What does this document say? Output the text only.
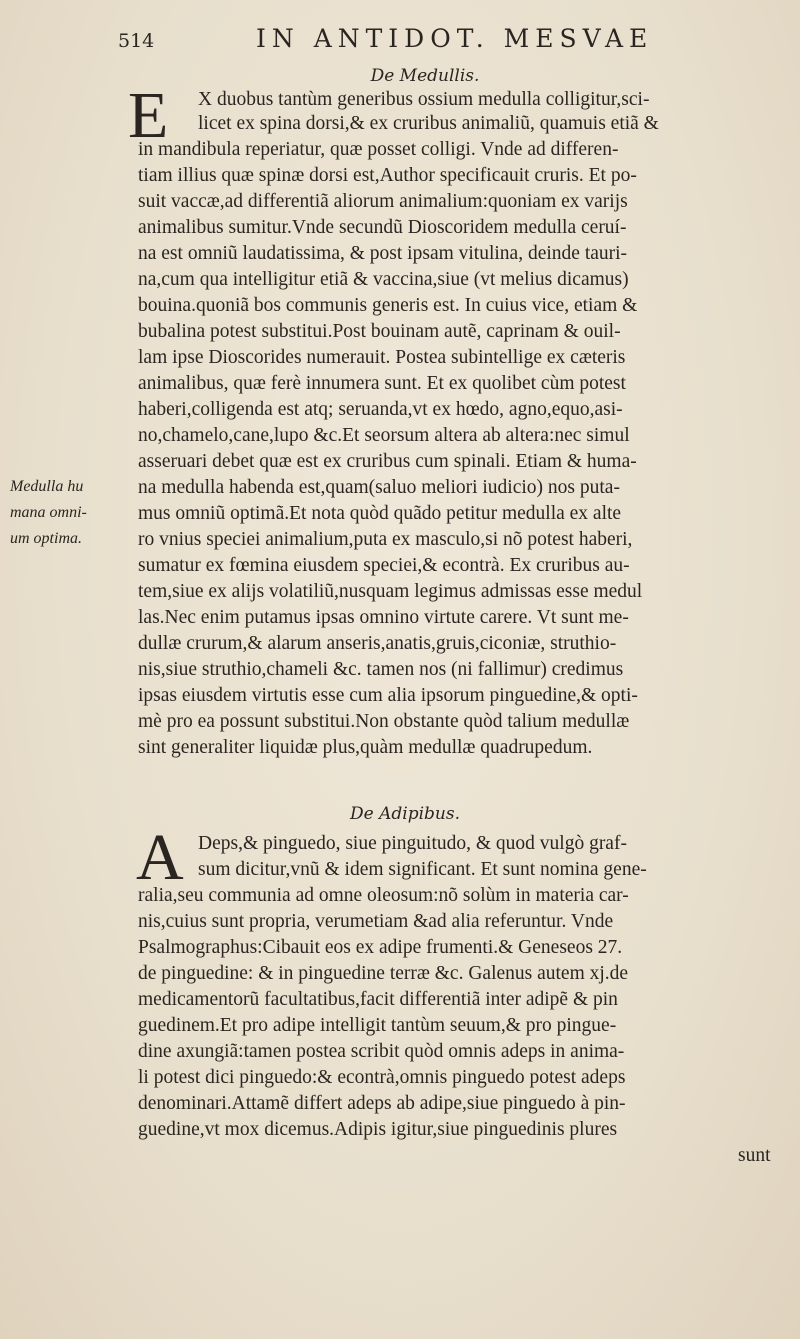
514	IN ANTIDOT. MESVAE
De Medullis.
E X duobus tantùm generibus ossium medulla colligitur,sci-
licet ex spina dorsi,& ex cruribus animaliũ, quamuis etiã &
in mandibula reperiatur, quæ posset colligi. Vnde ad differen-
tiam illius quæ spinæ dorsi est,Author specificauit cruris. Et po-
suit vaccæ,ad differentiã aliorum animalium:quoniam ex varijs
animalibus sumitur.Vnde secundũ Dioscoridem medulla ceruí-
na est omniũ laudatissima, & post ipsam vitulina, deinde tauri-
na,cum qua intelligitur etiã & vaccina,siue (vt melius dicamus)
bouina.quoniã bos communis generis est. In cuius vice, etiam &
bubalina potest substitui.Post bouinam autẽ, caprinam & ouil-
lam ipse Dioscorides numerauit. Postea subintellige ex cæteris
animalibus, quæ ferè innumera sunt. Et ex quolibet cùm potest
haberi,colligenda est atq; seruanda,vt ex hœdo, agno,equo,asi-
no,chamelo,cane,lupo &c.Et seorsum altera ab altera:nec simul
asseruari debet quæ est ex cruribus cum spinali. Etiam & huma-
na medulla habenda est,quam(saluo meliori iudicio) nos puta-
mus omniũ optimã.Et nota quòd quãdo petitur medulla ex alte
ro vnius speciei animalium,puta ex masculo,si nõ potest haberi,
sumatur ex fœmina eiusdem speciei,& econtrà. Ex cruribus au-
tem,siue ex alijs volatiliũ,nusquam legimus admissas esse medul
las.Nec enim putamus ipsas omnino virtute carere. Vt sunt me-
dullæ crurum,& alarum anseris,anatis,gruis,ciconiæ, struthio-
nis,siue struthio,chameli &c. tamen nos (ni fallimur) credimus
ipsas eiusdem virtutis esse cum alia ipsorum pinguedine,& opti-
mè pro ea possunt substitui.Non obstante quòd talium medullæ
sint generaliter liquidæ plus,quàm medullæ quadrupedum.
Medulla hu
mana omni-
um optima.
De Adipibus.
A Deps,& pinguedo, siue pinguitudo, & quod vulgò graf-
sum dicitur,vnũ & idem significant. Et sunt nomina gene-
ralia,seu communia ad omne oleosum:nõ solùm in materia car-
nis,cuius sunt propria, verumetiam &ad alia referuntur. Vnde
Psalmographus:Cibauit eos ex adipe frumenti.& Geneseos 27.
de pinguedine: & in pinguedine terræ &c. Galenus autem xj.de
medicamentorũ facultatibus,facit differentiã inter adipẽ & pin
guedinem.Et pro adipe intelligit tantùm seuum,& pro pingue-
dine axungiã:tamen postea scribit quòd omnis adeps in anima-
li potest dici pinguedo:& econtrà,omnis pinguedo potest adeps
denominari.Attamẽ differt adeps ab adipe,siue pinguedo à pin-
guedine,vt mox dicemus.Adipis igitur,siue pinguedinis plures
sunt
